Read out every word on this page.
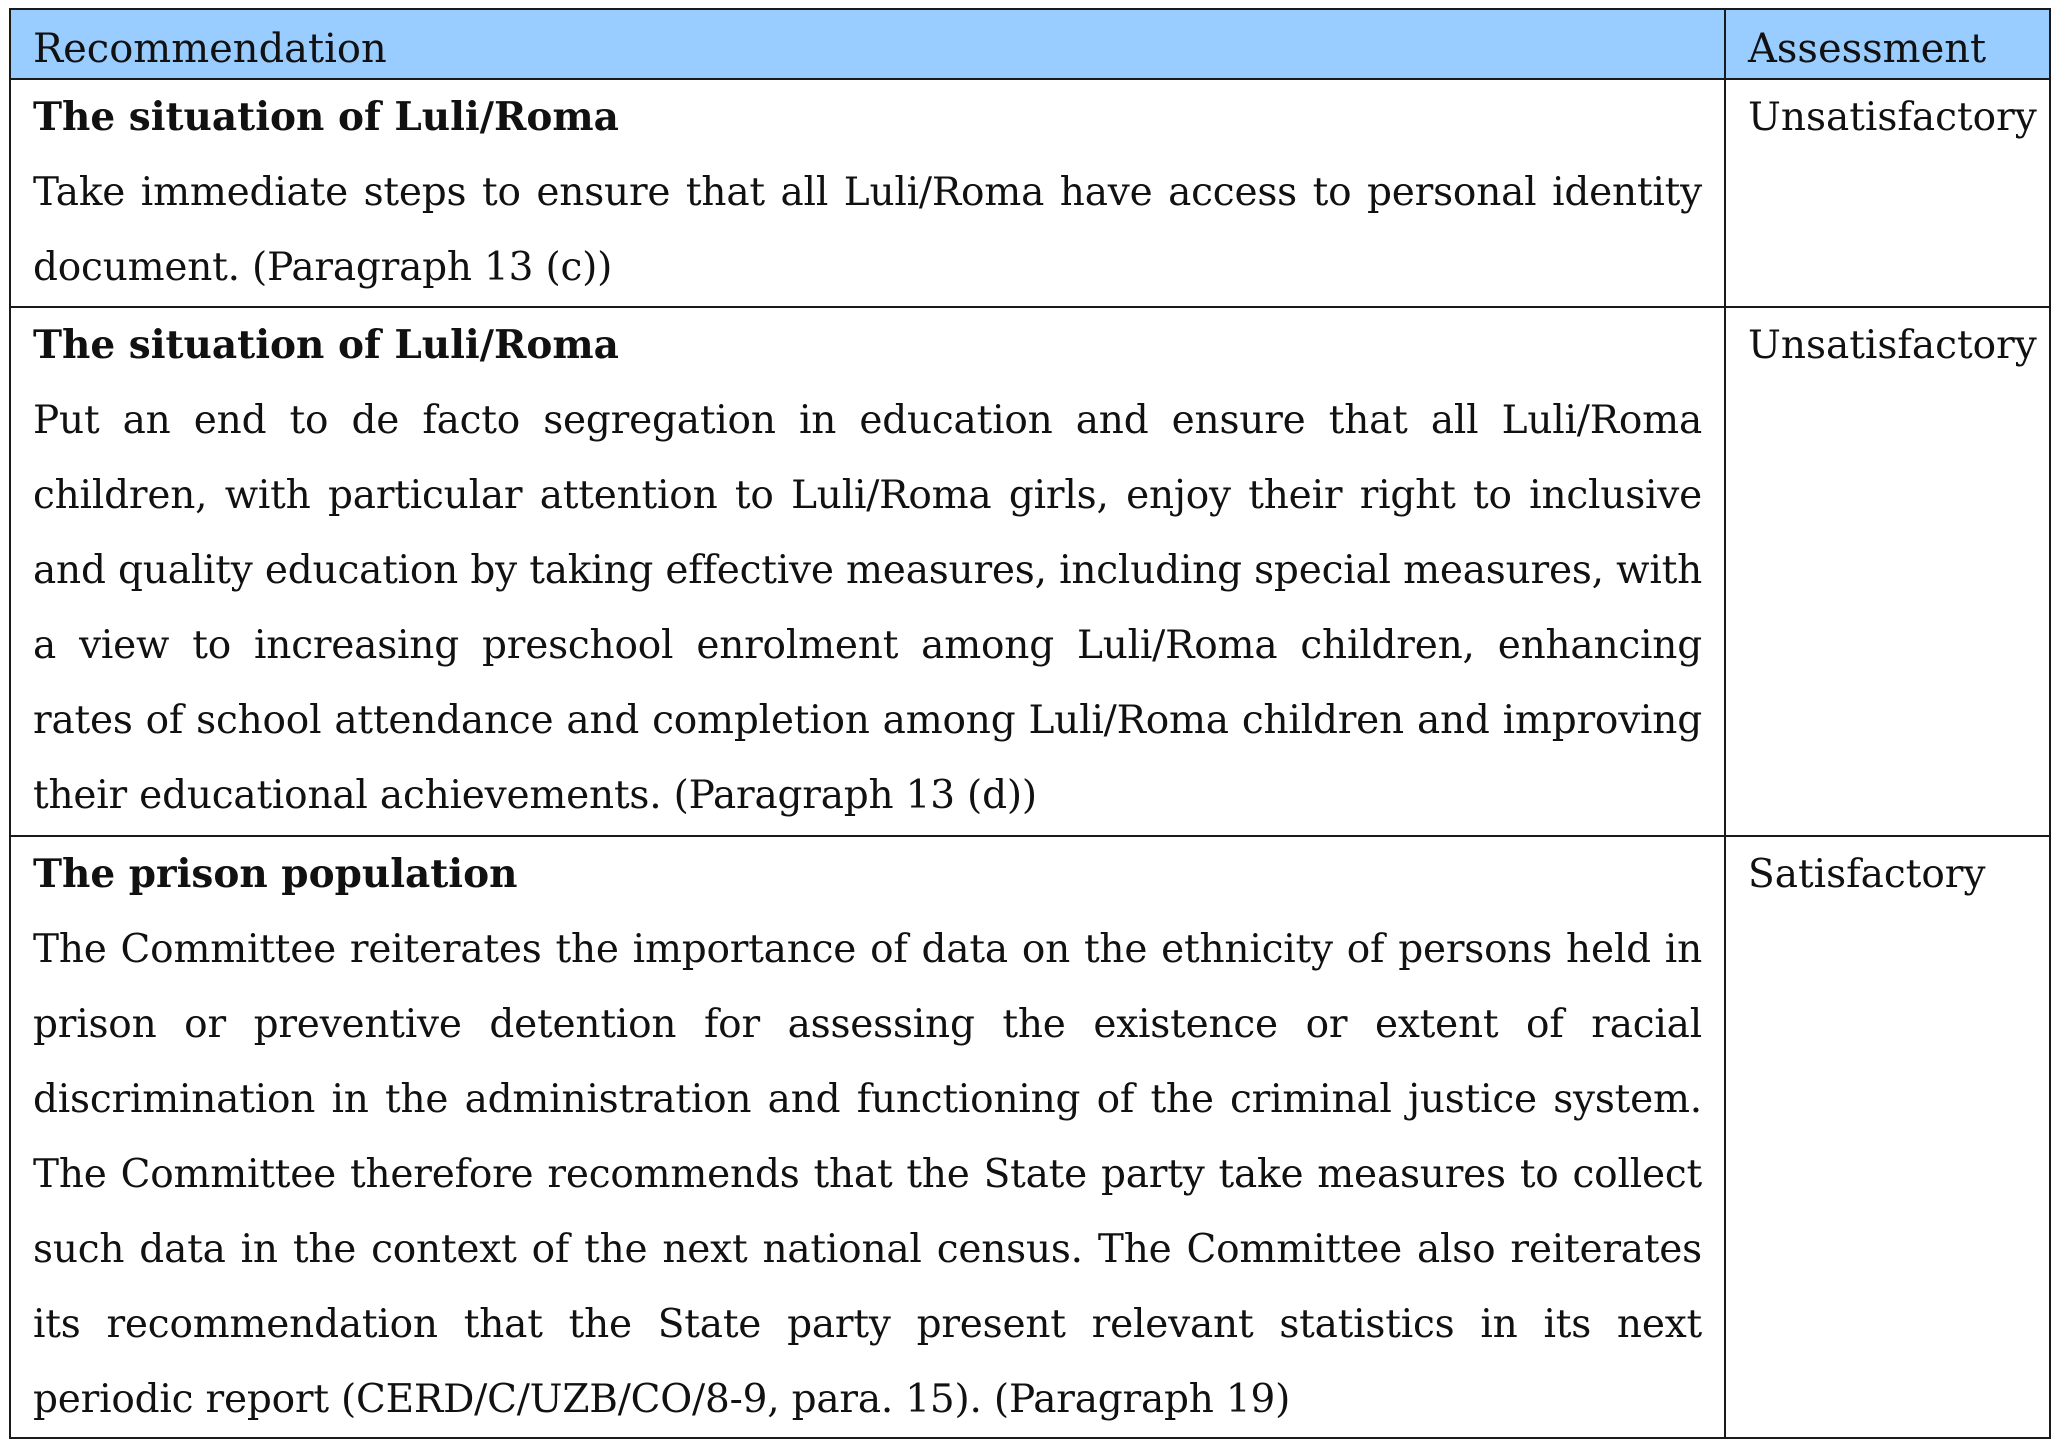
Recommendation	Assessment

The situation of Luli/Roma
Take immediate steps to ensure that all Luli/Roma have access to personal identity document. (Paragraph 13 (c))	Unsatisfactory

The situation of Luli/Roma
Put an end to de facto segregation in education and ensure that all Luli/Roma children, with particular attention to Luli/Roma girls, enjoy their right to inclusive and quality education by taking effective measures, including special measures, with a view to increasing preschool enrolment among Luli/Roma children, enhancing rates of school attendance and completion among Luli/Roma children and improving their educational achievements. (Paragraph 13 (d))	Unsatisfactory

The prison population
The Committee reiterates the importance of data on the ethnicity of persons held in prison or preventive detention for assessing the existence or extent of racial discrimination in the administration and functioning of the criminal justice system. The Committee therefore recommends that the State party take measures to collect such data in the context of the next national census. The Committee also reiterates its recommendation that the State party present relevant statistics in its next periodic report (CERD/C/UZB/CO/8-9, para. 15). (Paragraph 19)	Satisfactory
